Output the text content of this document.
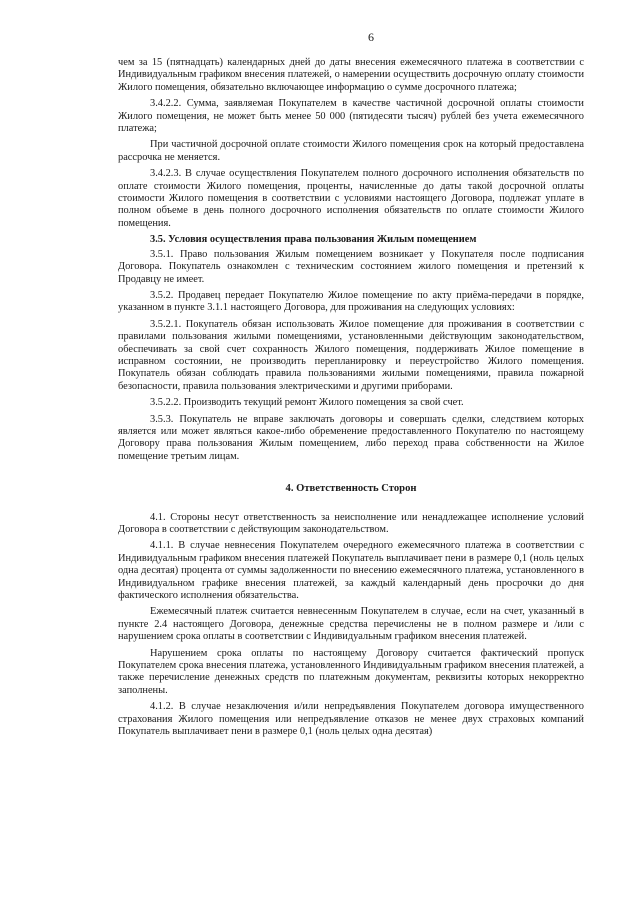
6

чем за 15 (пятнадцать) календарных дней до даты внесения ежемесячного платежа в соответствии с Индивидуальным графиком внесения платежей, о намерении осуществить досрочную оплату стоимости Жилого помещения, обязательно включающее информацию о сумме досрочного платежа;

3.4.2.2. Сумма, заявляемая Покупателем в качестве частичной досрочной оплаты стоимости Жилого помещения, не может быть менее 50 000 (пятидесяти тысяч) рублей без учета ежемесячного платежа;

При частичной досрочной оплате стоимости Жилого помещения срок на который предоставлена рассрочка не меняется.

3.4.2.3. В случае осуществления Покупателем полного досрочного исполнения обязательств по оплате стоимости Жилого помещения, проценты, начисленные до даты такой досрочной оплаты стоимости Жилого помещения в соответствии с условиями настоящего Договора, подлежат уплате в полном объеме в день полного досрочного исполнения обязательств по оплате стоимости Жилого помещения.

3.5. Условия осуществления права пользования Жилым помещением

3.5.1. Право пользования Жилым помещением возникает у Покупателя после подписания Договора. Покупатель ознакомлен с техническим состоянием жилого помещения и претензий к Продавцу не имеет.

3.5.2. Продавец передает Покупателю Жилое помещение по акту приёма-передачи в порядке, указанном в пункте 3.1.1 настоящего Договора, для проживания на следующих условиях:

3.5.2.1. Покупатель обязан использовать Жилое помещение для проживания в соответствии с правилами пользования жилыми помещениями, установленными действующим законодательством, обеспечивать за свой счет сохранность Жилого помещения, поддерживать Жилое помещение в исправном состоянии, не производить перепланировку и переустройство Жилого помещения. Покупатель обязан соблюдать правила пользованиями жилыми помещениями, правила пожарной безопасности, правила пользования электрическими и другими приборами.

3.5.2.2. Производить текущий ремонт Жилого помещения за свой счет.

3.5.3. Покупатель не вправе заключать договоры и совершать сделки, следствием которых является или может являться какое-либо обременение предоставленного Покупателю по настоящему Договору права пользования Жилым помещением, либо переход права собственности на Жилое помещение третьим лицам.

4. Ответственность Сторон

4.1. Стороны несут ответственность за неисполнение или ненадлежащее исполнение условий Договора в соответствии с действующим законодательством.

4.1.1. В случае невнесения Покупателем очередного ежемесячного платежа в соответствии с Индивидуальным графиком внесения платежей Покупатель выплачивает пени в размере 0,1 (ноль целых одна десятая) процента от суммы задолженности по внесению ежемесячного платежа, установленного в Индивидуальном графике внесения платежей, за каждый календарный день просрочки до дня фактического исполнения обязательства.

Ежемесячный платеж считается невнесенным Покупателем в случае, если на счет, указанный в пункте 2.4 настоящего Договора, денежные средства перечислены не в полном размере и /или с нарушением срока оплаты в соответствии с Индивидуальным графиком внесения платежей.

Нарушением срока оплаты по настоящему Договору считается фактический пропуск Покупателем срока внесения платежа, установленного Индивидуальным графиком внесения платежей, а также перечисление денежных средств по платежным документам, реквизиты которых некорректно заполнены.

4.1.2. В случае незаключения и/или непредъявления Покупателем договора имущественного страхования Жилого помещения или непредъявление отказов не менее двух страховых компаний Покупатель выплачивает пени в размере 0,1 (ноль целых одна десятая)
